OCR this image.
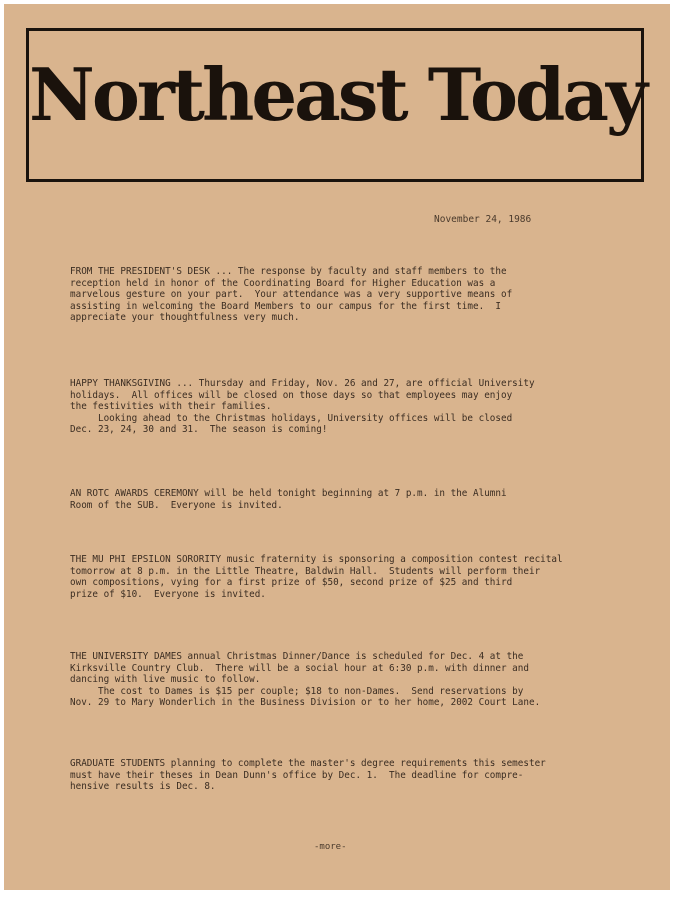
Northeast Today
November 24, 1986
FROM THE PRESIDENT'S DESK ... The response by faculty and staff members to the
reception held in honor of the Coordinating Board for Higher Education was a
marvelous gesture on your part.  Your attendance was a very supportive means of
assisting in welcoming the Board Members to our campus for the first time.  I
appreciate your thoughtfulness very much.
HAPPY THANKSGIVING ... Thursday and Friday, Nov. 26 and 27, are official University
holidays.  All offices will be closed on those days so that employees may enjoy
the festivities with their families.
Looking ahead to the Christmas holidays, University offices will be closed
Dec. 23, 24, 30 and 31.  The season is coming!
AN ROTC AWARDS CEREMONY will be held tonight beginning at 7 p.m. in the Alumni
Room of the SUB.  Everyone is invited.
THE MU PHI EPSILON SORORITY music fraternity is sponsoring a composition contest recital
tomorrow at 8 p.m. in the Little Theatre, Baldwin Hall.  Students will perform their
own compositions, vying for a first prize of $50, second prize of $25 and third
prize of $10.  Everyone is invited.
THE UNIVERSITY DAMES annual Christmas Dinner/Dance is scheduled for Dec. 4 at the
Kirksville Country Club.  There will be a social hour at 6:30 p.m. with dinner and
dancing with live music to follow.
The cost to Dames is $15 per couple; $18 to non-Dames.  Send reservations by
Nov. 29 to Mary Wonderlich in the Business Division or to her home, 2002 Court Lane.
GRADUATE STUDENTS planning to complete the master's degree requirements this semester
must have their theses in Dean Dunn's office by Dec. 1.  The deadline for compre-
hensive results is Dec. 8.
-more-
